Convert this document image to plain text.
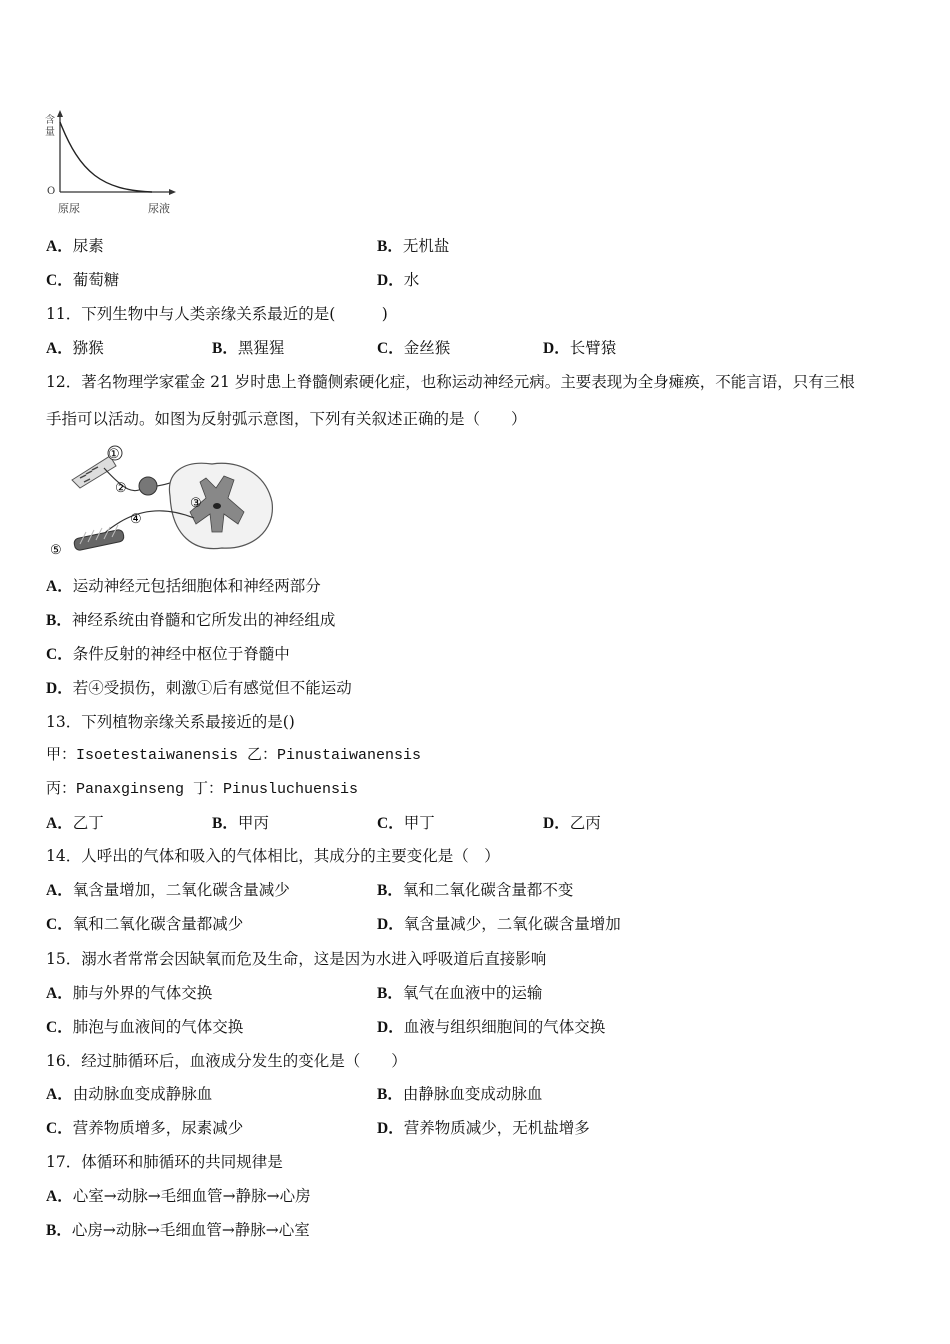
含
量
O
原尿	尿液
A．尿素	B．无机盐
C．葡萄糖	D．水
11．下列生物中与人类亲缘关系最近的是(　　　)
A．猕猴	B．黑猩猩	C．金丝猴	D．长臂猿
12．著名物理学家霍金 21 岁时患上脊髓侧索硬化症，也称运动神经元病。主要表现为全身瘫痪，不能言语，只有三根
手指可以活动。如图为反射弧示意图，下列有关叙述正确的是（　　）
①
②
③
④
⑤
A．运动神经元包括细胞体和神经两部分
B．神经系统由脊髓和它所发出的神经组成
C．条件反射的神经中枢位于脊髓中
D．若④受损伤，刺激①后有感觉但不能运动
13．下列植物亲缘关系最接近的是()
甲：Isoetestaiwanensis 乙：Pinustaiwanensis
丙：Panaxginseng 丁：Pinusluchuensis
A．乙丁	B．甲丙	C．甲丁	D．乙丙
14．人呼出的气体和吸入的气体相比，其成分的主要变化是（　）
A．氧含量增加，二氧化碳含量减少	B．氧和二氧化碳含量都不变
C．氧和二氧化碳含量都减少	D．氧含量减少，二氧化碳含量增加
15．溺水者常常会因缺氧而危及生命，这是因为水进入呼吸道后直接影响
A．肺与外界的气体交换	B．氧气在血液中的运输
C．肺泡与血液间的气体交换	D．血液与组织细胞间的气体交换
16．经过肺循环后，血液成分发生的变化是（　　）
A．由动脉血变成静脉血	B．由静脉血变成动脉血
C．营养物质增多，尿素减少	D．营养物质减少，无机盐增多
17．体循环和肺循环的共同规律是
A．心室→动脉→毛细血管→静脉→心房
B．心房→动脉→毛细血管→静脉→心室
